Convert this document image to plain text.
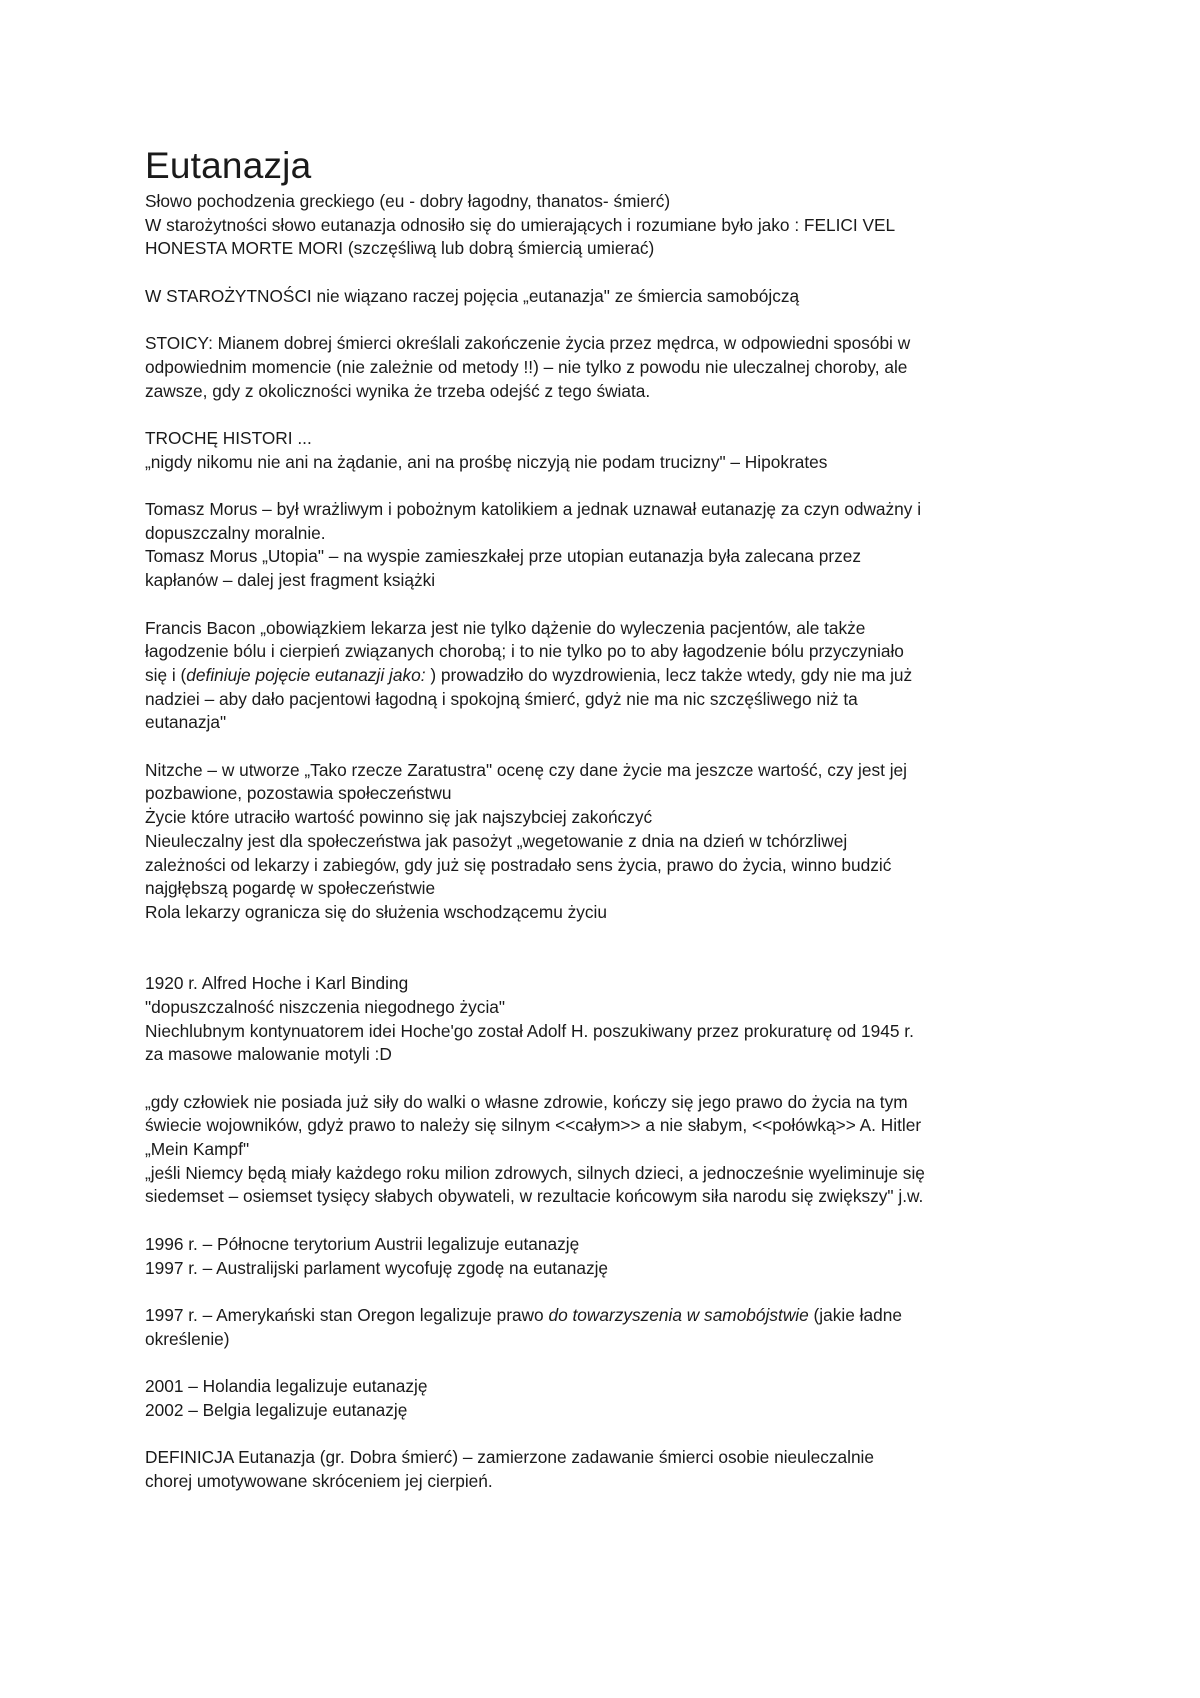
Eutanazja

Słowo pochodzenia greckiego (eu - dobry łagodny, thanatos- śmierć)

W starożytności słowo eutanazja odnosiło się do umierających i rozumiane było jako : FELICI VEL

HONESTA MORTE MORI (szczęśliwą lub dobrą śmiercią umierać)

W STAROŻYTNOŚCI nie wiązano raczej pojęcia „eutanazja" ze śmiercia samobójczą

STOICY: Mianem dobrej śmierci określali zakończenie życia przez mędrca, w odpowiedni sposóbi w

odpowiednim momencie (nie zależnie od metody !!) – nie tylko z powodu nie uleczalnej choroby, ale

zawsze, gdy z okoliczności wynika że trzeba odejść z tego świata.

TROCHĘ HISTORI ...

„nigdy nikomu nie ani na żądanie, ani na prośbę niczyją nie podam trucizny" – Hipokrates

Tomasz Morus – był wrażliwym i pobożnym katolikiem a jednak uznawał eutanazję za czyn odważny i

dopuszczalny moralnie.

Tomasz Morus „Utopia" – na wyspie zamieszkałej prze utopian eutanazja była zalecana przez

kapłanów – dalej jest fragment książki

Francis Bacon „obowiązkiem lekarza jest nie tylko dążenie do wyleczenia pacjentów, ale także

łagodzenie bólu i cierpień związanych chorobą; i to nie tylko po to aby łagodzenie bólu przyczyniało

się i (definiuje pojęcie eutanazji jako: ) prowadziło do wyzdrowienia, lecz także wtedy, gdy nie ma już

nadziei – aby dało pacjentowi łagodną i spokojną śmierć, gdyż nie ma nic szczęśliwego niż ta

eutanazja"

Nitzche – w utworze „Tako rzecze Zaratustra" ocenę czy dane życie ma jeszcze wartość, czy jest jej

pozbawione, pozostawia społeczeństwu

Życie które utraciło wartość powinno się jak najszybciej zakończyć

Nieuleczalny jest dla społeczeństwa jak pasożyt „wegetowanie z dnia na dzień w tchórzliwej

zależności od lekarzy i zabiegów, gdy już się postradało sens życia, prawo do życia, winno budzić

najgłębszą pogardę w społeczeństwie

Rola lekarzy ogranicza się do służenia wschodzącemu życiu

1920 r. Alfred Hoche i Karl Binding

"dopuszczalność niszczenia niegodnego życia"

Niechlubnym kontynuatorem idei Hoche'go został Adolf H. poszukiwany przez prokuraturę od 1945 r.

za masowe malowanie motyli :D

„gdy człowiek nie posiada już siły do walki o własne zdrowie, kończy się jego prawo do życia na tym

świecie wojowników, gdyż prawo to należy się silnym <<całym>> a nie słabym, <<połówką>> A. Hitler

„Mein Kampf"

„jeśli Niemcy będą miały każdego roku milion zdrowych, silnych dzieci, a jednocześnie wyeliminuje się

siedemset – osiemset tysięcy słabych obywateli, w rezultacie końcowym siła narodu się zwiększy" j.w.

1996 r. – Północne terytorium Austrii legalizuje eutanazję

1997 r. – Australijski parlament wycofuję zgodę na eutanazję

1997 r. – Amerykański stan Oregon legalizuje prawo do towarzyszenia w samobójstwie (jakie ładne

określenie)

2001 – Holandia legalizuje eutanazję

2002 – Belgia legalizuje eutanazję

DEFINICJA Eutanazja (gr. Dobra śmierć) – zamierzone zadawanie śmierci osobie nieuleczalnie

chorej umotywowane skróceniem jej cierpień.
